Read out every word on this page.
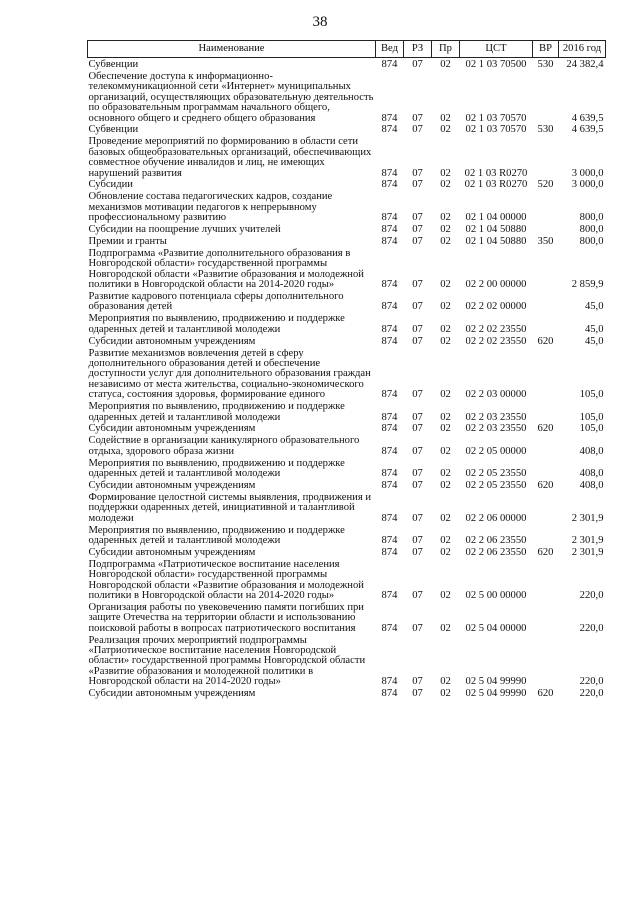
38
Наименование	Вед	РЗ	Пр	ЦСТ	ВР	2016 год
Субвенции	874	07	02	02 1 03 70500	530	24 382,4
Обеспечение доступа к информационно-телекоммуникационной сети «Интернет» муниципальных организаций, осуществляющих образовательную деятельность по образовательным программам начального общего, основного общего и среднего общего образования	874	07	02	02 1 03 70570		4 639,5
Субвенции	874	07	02	02 1 03 70570	530	4 639,5
Проведение мероприятий по формированию в области сети базовых общеобразовательных организаций, обеспечивающих совместное обучение инвалидов и лиц, не имеющих нарушений развития	874	07	02	02 1 03 R0270		3 000,0
Субсидии	874	07	02	02 1 03 R0270	520	3 000,0
Обновление состава педагогических кадров, создание механизмов мотивации педагогов к непрерывному профессиональному развитию	874	07	02	02 1 04 00000		800,0
Субсидии на поощрение лучших учителей	874	07	02	02 1 04 50880		800,0
Премии и гранты	874	07	02	02 1 04 50880	350	800,0
Подпрограмма «Развитие дополнительного образования в Новгородской области» государственной программы Новгородской области «Развитие образования и молодежной политики в Новгородской области на 2014-2020 годы»	874	07	02	02 2 00 00000		2 859,9
Развитие кадрового потенциала сферы дополнительного образования детей	874	07	02	02 2 02 00000		45,0
Мероприятия по выявлению, продвижению и поддержке одаренных детей и талантливой молодежи	874	07	02	02 2 02 23550		45,0
Субсидии автономным учреждениям	874	07	02	02 2 02 23550	620	45,0
Развитие механизмов вовлечения детей в сферу дополнительного образования детей и обеспечение доступности услуг для дополнительного образования граждан независимо от места жительства, социально-экономического статуса, состояния здоровья, формирование единого	874	07	02	02 2 03 00000		105,0
Мероприятия по выявлению, продвижению и поддержке одаренных детей и талантливой молодежи	874	07	02	02 2 03 23550		105,0
Субсидии автономным учреждениям	874	07	02	02 2 03 23550	620	105,0
Содействие в организации каникулярного образовательного отдыха, здорового образа жизни	874	07	02	02 2 05 00000		408,0
Мероприятия по выявлению, продвижению и поддержке одаренных детей и талантливой молодежи	874	07	02	02 2 05 23550		408,0
Субсидии автономным учреждениям	874	07	02	02 2 05 23550	620	408,0
Формирование целостной системы выявления, продвижения и поддержки одаренных детей, инициативной и талантливой молодежи	874	07	02	02 2 06 00000		2 301,9
Мероприятия по выявлению, продвижению и поддержке одаренных детей и талантливой молодежи	874	07	02	02 2 06 23550		2 301,9
Субсидии автономным учреждениям	874	07	02	02 2 06 23550	620	2 301,9
Подпрограмма «Патриотическое воспитание населения Новгородской области» государственной программы Новгородской области «Развитие образования и молодежной политики в Новгородской области на 2014-2020 годы»	874	07	02	02 5 00 00000		220,0
Организация работы по увековечению памяти погибших при защите Отечества на территории области и использованию поисковой работы в вопросах патриотического воспитания	874	07	02	02 5 04 00000		220,0
Реализация прочих мероприятий подпрограммы «Патриотическое воспитание населения Новгородской области» государственной программы Новгородской области «Развитие образования и молодежной политики в Новгородской области на 2014-2020 годы»	874	07	02	02 5 04 99990		220,0
Субсидии автономным учреждениям	874	07	02	02 5 04 99990	620	220,0
